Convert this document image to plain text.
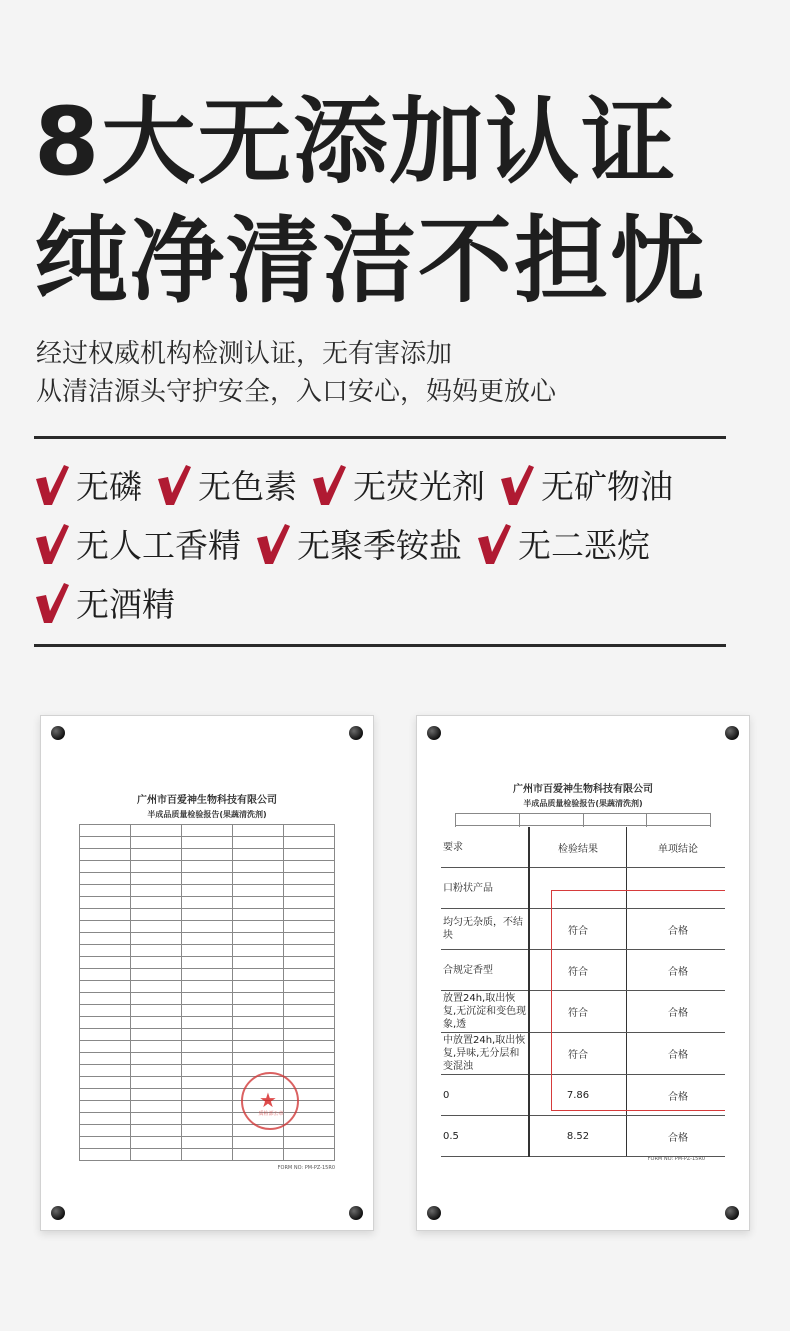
8大无添加认证
纯净清洁不担忧
经过权威机构检测认证，无有害添加
从清洁源头守护安全，入口安心，妈妈更放心
无磷 无色素 无荧光剂 无矿物油
无人工香精 无聚季铵盐 无二恶烷
无酒精
广州市百爱神生物科技有限公司
半成品质量检验报告(果蔬清洗剂)

FORM NO: PM-PZ-15R0
★
质检部公章
广州市百爱神生物科技有限公司
半成品质量检验报告(果蔬清洗剂)

要求	检验结果	单项结论
口粉状产品		
均匀无杂质，不结块	符合	合格
合规定香型	符合	合格
放置24h,取出恢复,无沉淀和变色现象,透	符合	合格
中放置24h,取出恢复,异味,无分层和变混浊	符合	合格
0	7.86	合格
0.5	8.52	合格
FORM NO: PM-PZ-15R0
